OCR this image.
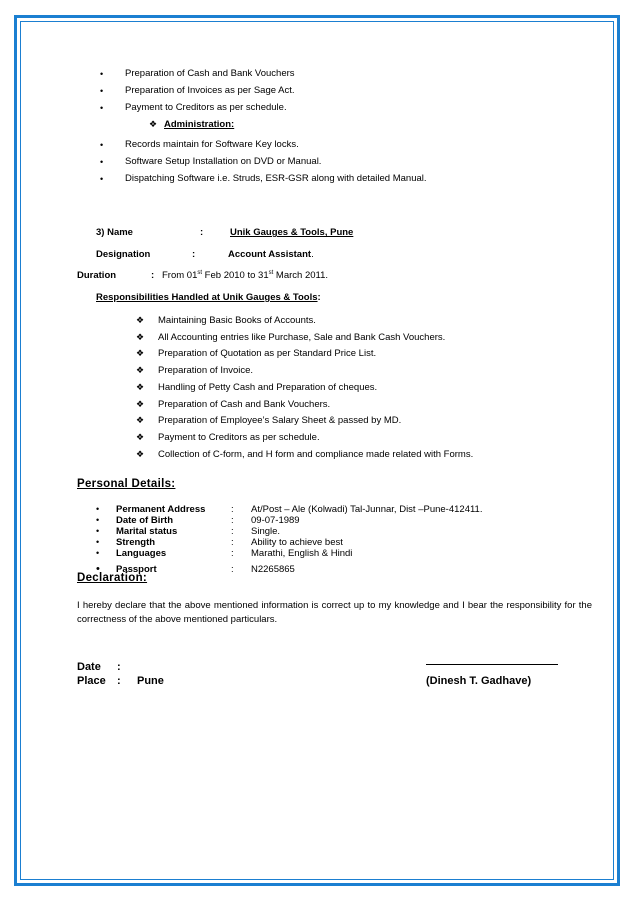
• Preparation of Cash and Bank Vouchers
• Preparation of Invoices as per Sage Act.
• Payment to Creditors as per schedule.
❖ Administration:
• Records maintain for Software Key locks.
• Software Setup Installation on DVD or Manual.
• Dispatching Software i.e. Struds, ESR-GSR along with detailed Manual.
3) Name	:	Unik Gauges & Tools, Pune
Designation	:	Account Assistant.
Duration	: From 01st Feb 2010 to 31st March 2011.
Responsibilities Handled at Unik Gauges & Tools:
❖ Maintaining Basic Books of Accounts.
❖ All Accounting entries like Purchase, Sale and Bank Cash Vouchers.
❖ Preparation of Quotation as per Standard Price List.
❖ Preparation of Invoice.
❖ Handling of Petty Cash and Preparation of cheques.
❖ Preparation of Cash and Bank Vouchers.
❖ Preparation of Employee’s Salary Sheet & passed by MD.
❖ Payment to Creditors as per schedule.
❖ Collection of C-form, and H form and compliance made related with Forms.
Personal Details:
• Permanent Address	: At/Post – Ale (Kolwadi) Tal-Junnar, Dist –Pune-412411.
• Date of Birth	: 09-07-1989
• Marital status	: Single.
• Strength	: Ability to achieve best
• Languages	: Marathi, English & Hindi
• Passport	: N2265865
Declaration:
I hereby declare that the above mentioned information is correct up to my knowledge and I bear the responsibility for the correctness of the above mentioned particulars.
Date :
Place : Pune	(Dinesh T. Gadhave)
